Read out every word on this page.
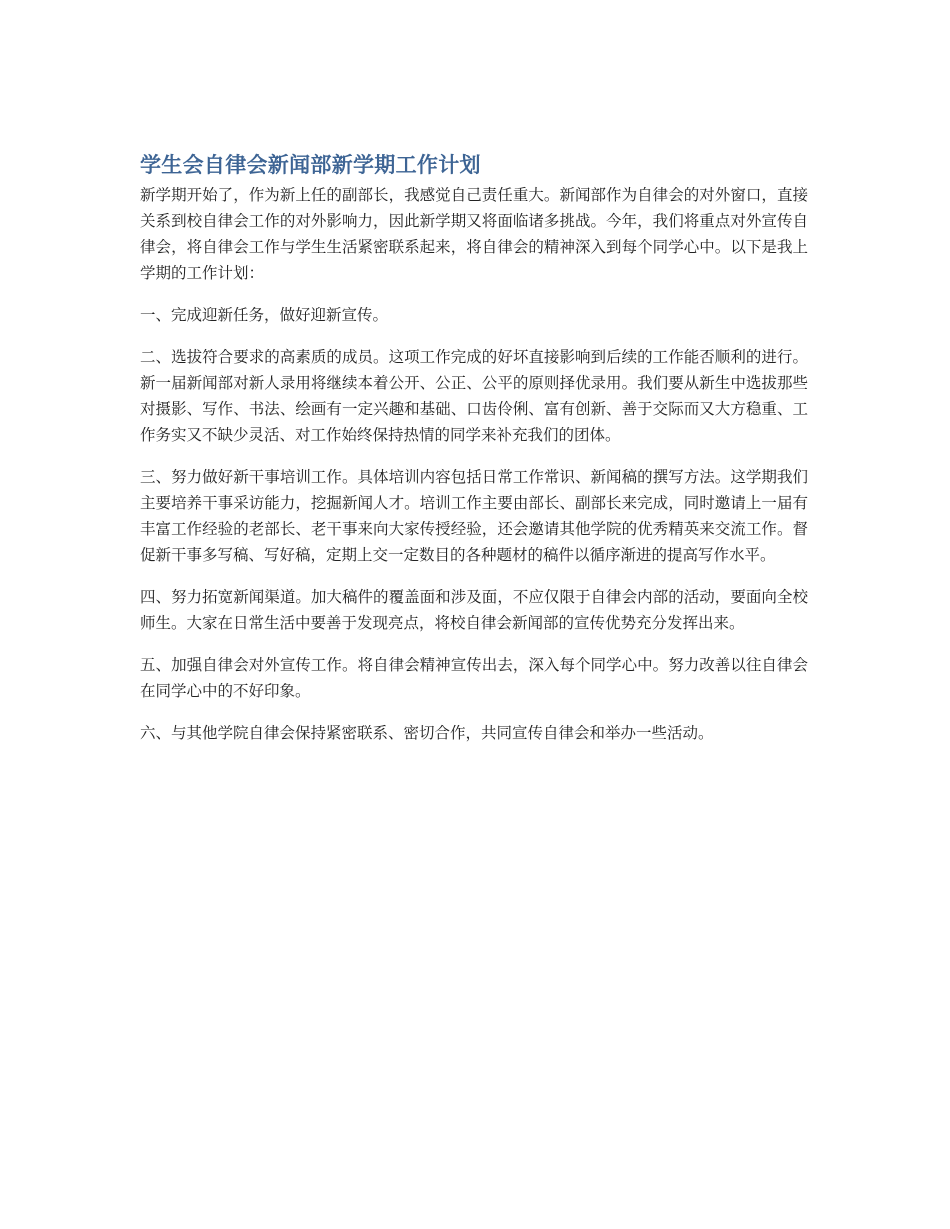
学生会自律会新闻部新学期工作计划

新学期开始了，作为新上任的副部长，我感觉自己责任重大。新闻部作为自律会的对外窗口，直接关系到校自律会工作的对外影响力，因此新学期又将面临诸多挑战。今年，我们将重点对外宣传自律会，将自律会工作与学生生活紧密联系起来，将自律会的精神深入到每个同学心中。以下是我上学期的工作计划：

一、完成迎新任务，做好迎新宣传。

二、选拔符合要求的高素质的成员。这项工作完成的好坏直接影响到后续的工作能否顺利的进行。新一届新闻部对新人录用将继续本着公开、公正、公平的原则择优录用。我们要从新生中选拔那些对摄影、写作、书法、绘画有一定兴趣和基础、口齿伶俐、富有创新、善于交际而又大方稳重、工作务实又不缺少灵活、对工作始终保持热情的同学来补充我们的团体。

三、努力做好新干事培训工作。具体培训内容包括日常工作常识、新闻稿的撰写方法。这学期我们主要培养干事采访能力，挖掘新闻人才。培训工作主要由部长、副部长来完成，同时邀请上一届有丰富工作经验的老部长、老干事来向大家传授经验，还会邀请其他学院的优秀精英来交流工作。督促新干事多写稿、写好稿，定期上交一定数目的各种题材的稿件以循序渐进的提高写作水平。

四、努力拓宽新闻渠道。加大稿件的覆盖面和涉及面，不应仅限于自律会内部的活动，要面向全校师生。大家在日常生活中要善于发现亮点，将校自律会新闻部的宣传优势充分发挥出来。

五、加强自律会对外宣传工作。将自律会精神宣传出去，深入每个同学心中。努力改善以往自律会在同学心中的不好印象。

六、与其他学院自律会保持紧密联系、密切合作，共同宣传自律会和举办一些活动。
